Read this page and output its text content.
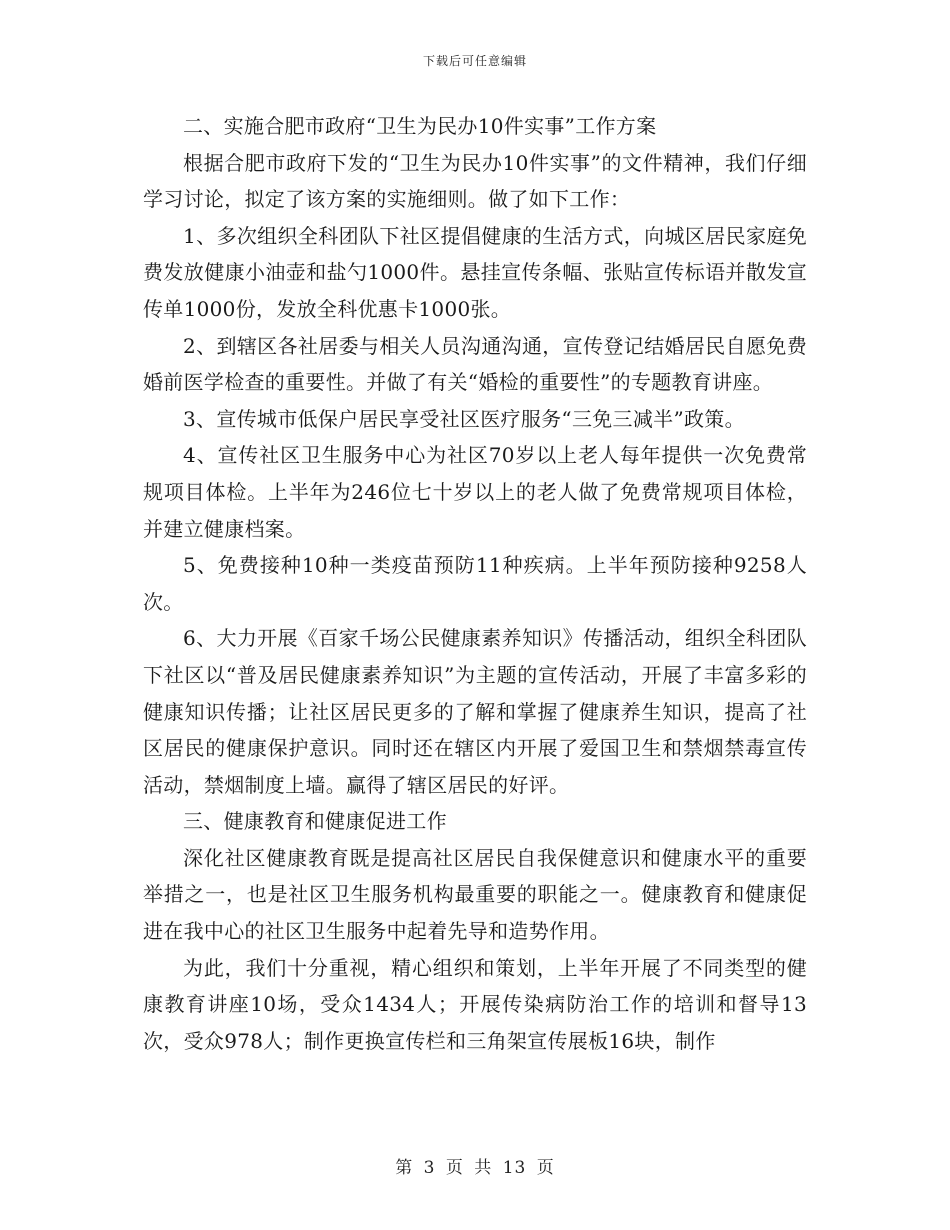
下载后可任意编辑

二、实施合肥市政府“卫生为民办10件实事”工作方案

根据合肥市政府下发的“卫生为民办10件实事”的文件精神，我们仔细学习讨论，拟定了该方案的实施细则。做了如下工作：

1、多次组织全科团队下社区提倡健康的生活方式，向城区居民家庭免费发放健康小油壶和盐勺1000件。悬挂宣传条幅、张贴宣传标语并散发宣传单1000份，发放全科优惠卡1000张。

2、到辖区各社居委与相关人员沟通沟通，宣传登记结婚居民自愿免费婚前医学检查的重要性。并做了有关“婚检的重要性”的专题教育讲座。

3、宣传城市低保户居民享受社区医疗服务“三免三减半”政策。

4、宣传社区卫生服务中心为社区70岁以上老人每年提供一次免费常规项目体检。上半年为246位七十岁以上的老人做了免费常规项目体检，并建立健康档案。

5、免费接种10种一类疫苗预防11种疾病。上半年预防接种9258人次。

6、大力开展《百家千场公民健康素养知识》传播活动，组织全科团队下社区以“普及居民健康素养知识”为主题的宣传活动，开展了丰富多彩的健康知识传播；让社区居民更多的了解和掌握了健康养生知识，提高了社区居民的健康保护意识。同时还在辖区内开展了爱国卫生和禁烟禁毒宣传活动，禁烟制度上墙。赢得了辖区居民的好评。

三、健康教育和健康促进工作

深化社区健康教育既是提高社区居民自我保健意识和健康水平的重要举措之一，也是社区卫生服务机构最重要的职能之一。健康教育和健康促进在我中心的社区卫生服务中起着先导和造势作用。

为此，我们十分重视，精心组织和策划，上半年开展了不同类型的健康教育讲座10场，受众1434人；开展传染病防治工作的培训和督导13次，受众978人；制作更换宣传栏和三角架宣传展板16块，制作

第 3 页 共 13 页
